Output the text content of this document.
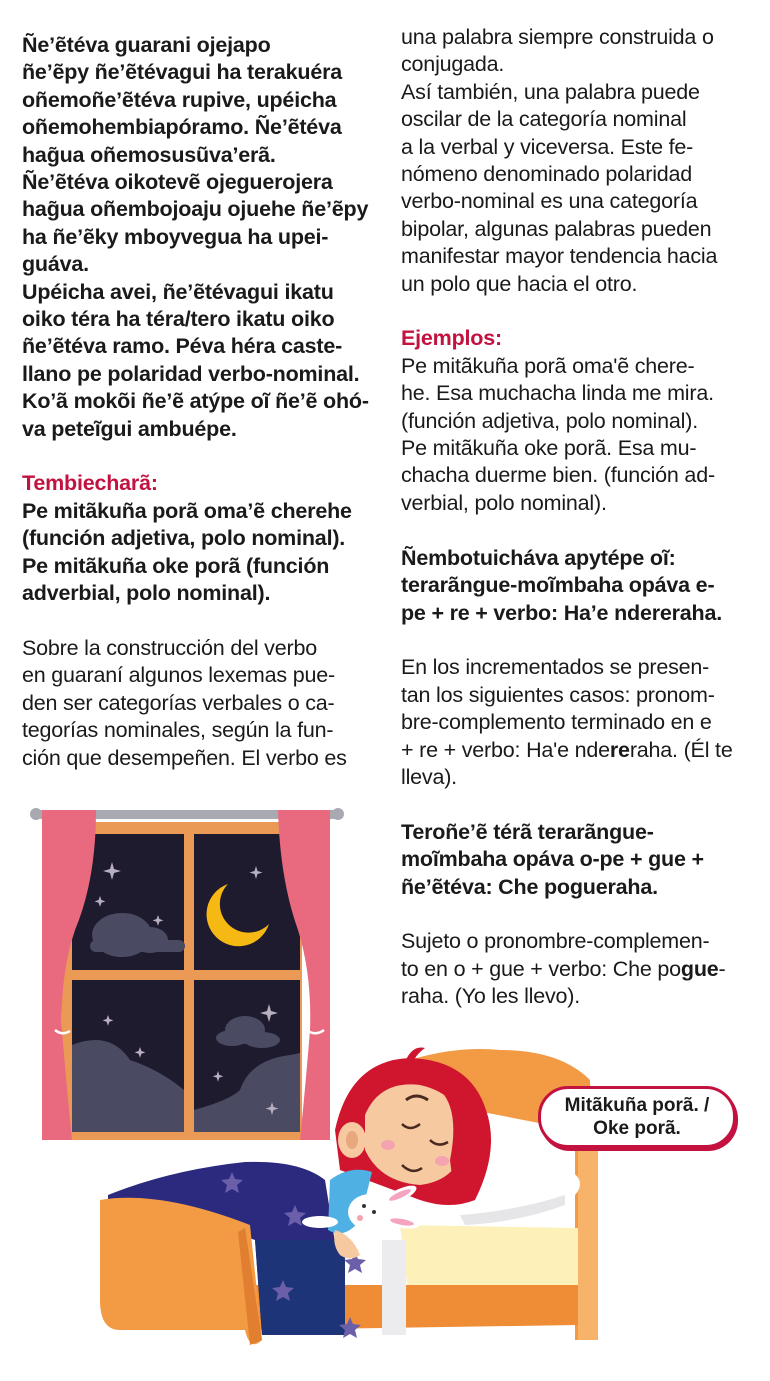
Ñe’ẽtéva guarani ojejapo
ñe’ẽpy ñe’ẽtévagui ha terakuéra
oñemoñe’ẽtéva rupive, upéicha
oñemohembiapóramo. Ñe’ẽtéva
hag̃ua oñemosusũva’erã.
Ñe’ẽtéva oikotevẽ ojeguerojera
hag̃ua oñembojoaju ojuehe ñe’ẽpy
ha ñe’ẽky mboyvegua ha upei-
guáva.
Upéicha avei, ñe’ẽtévagui ikatu
oiko téra ha téra/tero ikatu oiko
ñe’ẽtéva ramo. Péva héra caste-
llano pe polaridad verbo-nominal.
Ko’ã mokõi ñe’ẽ atýpe oĩ ñe’ẽ ohó-
va peteĩgui ambuépe.
Tembiecharã:
Pe mitãkuña porã oma’ẽ cherehe
(función adjetiva, polo nominal).
Pe mitãkuña oke porã (función
adverbial, polo nominal).
Sobre la construcción del verbo
en guaraní algunos lexemas pue-
den ser categorías verbales o ca-
tegorías nominales, según la fun-
ción que desempeñen. El verbo es
una palabra siempre construida o
conjugada.
Así también, una palabra puede
oscilar de la categoría nominal
a la verbal y viceversa. Este fe-
nómeno denominado polaridad
verbo-nominal es una categoría
bipolar, algunas palabras pueden
manifestar mayor tendencia hacia
un polo que hacia el otro.
Ejemplos:
Pe mitãkuña porã oma'ẽ chere-
he. Esa muchacha linda me mira.
(función adjetiva, polo nominal).
Pe mitãkuña oke porã. Esa mu-
chacha duerme bien. (función ad-
verbial, polo nominal).
Ñembotuicháva apytépe oĩ:
terarãngue-moĩmbaha opáva e-
pe + re + verbo: Ha’e ndereraha.
En los incrementados se presen-
tan los siguientes casos: pronom-
bre-complemento terminado en e
+ re + verbo: Ha'e ndereraha. (Él te
lleva).
Teroñe’ẽ térã terarãngue-
moĩmbaha opáva o-pe + gue +
ñe’ẽtéva: Che pogueraha.
Sujeto o pronombre-complemen-
to en o + gue + verbo: Che pogue-
raha. (Yo les llevo).
Mitãkuña porã. /
Oke porã.
